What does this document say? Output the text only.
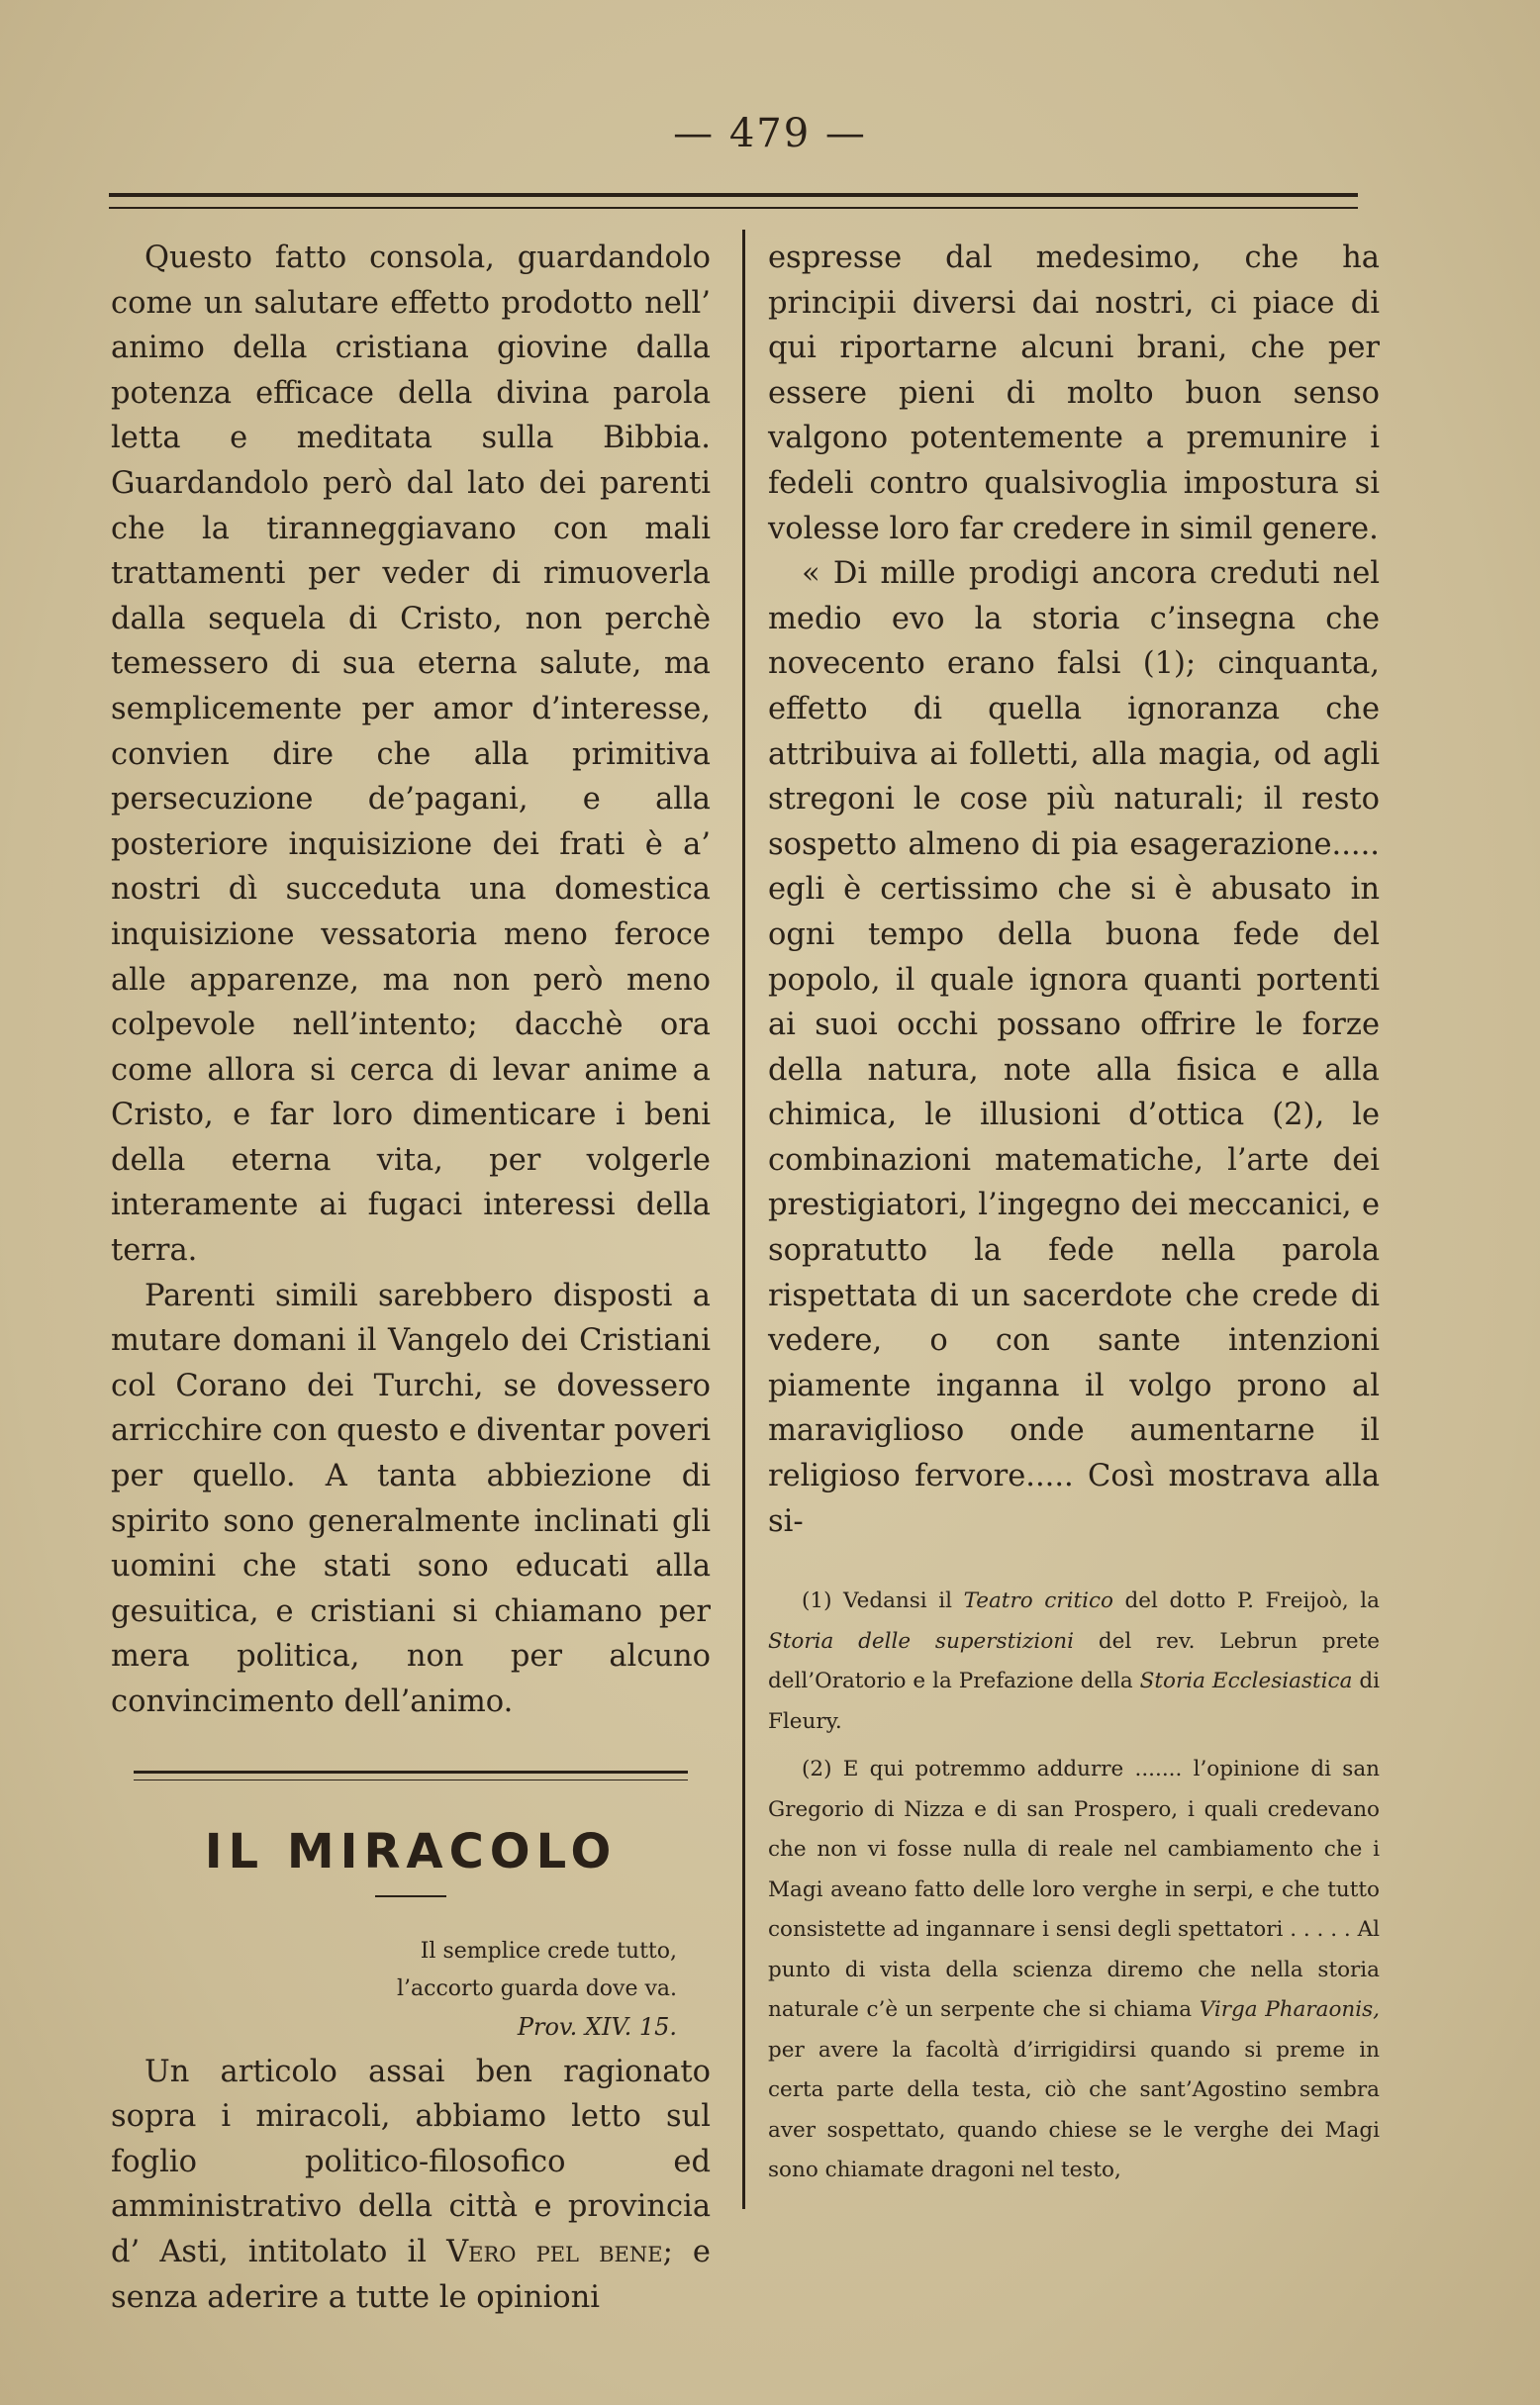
— 479 —

Questo fatto consola, guardandolo come un salutare effetto prodotto nell’ animo della cristiana giovine dalla potenza efficace della divina parola letta e meditata sulla Bibbia. Guardandolo però dal lato dei parenti che la tiranneggiavano con mali trattamenti per veder di rimuoverla dalla sequela di Cristo, non perchè temessero di sua eterna salute, ma semplicemente per amor d’interesse, convien dire che alla primitiva persecuzione de’pagani, e alla posteriore inquisizione dei frati è a’ nostri dì succeduta una domestica inquisizione vessatoria meno feroce alle apparenze, ma non però meno colpevole nell’intento; dacchè ora come allora si cerca di levar anime a Cristo, e far loro dimenticare i beni della eterna vita, per volgerle interamente ai fugaci interessi della terra.

Parenti simili sarebbero disposti a mutare domani il Vangelo dei Cristiani col Corano dei Turchi, se dovessero arricchire con questo e diventar poveri per quello. A tanta abbiezione di spirito sono generalmente inclinati gli uomini che stati sono educati alla gesuitica, e cristiani si chiamano per mera politica, non per alcuno convincimento dell’animo.

IL MIRACOLO
Il semplice crede tutto,
l’accorto guarda dove va.
Prov. XIV. 15.

Un articolo assai ben ragionato sopra i miracoli, abbiamo letto sul foglio politico-filosofico ed amministrativo della città e provincia d’ Asti, intitolato il Vero pel bene; e senza aderire a tutte le opinioni

espresse dal medesimo, che ha principii diversi dai nostri, ci piace di qui riportarne alcuni brani, che per essere pieni di molto buon senso valgono potentemente a premunire i fedeli contro qualsivoglia impostura si volesse loro far credere in simil genere.

« Di mille prodigi ancora creduti nel medio evo la storia c’insegna che novecento erano falsi (1); cinquanta, effetto di quella ignoranza che attribuiva ai folletti, alla magia, od agli stregoni le cose più naturali; il resto sospetto almeno di pia esagerazione..... egli è certissimo che si è abusato in ogni tempo della buona fede del popolo, il quale ignora quanti portenti ai suoi occhi possano offrire le forze della natura, note alla fisica e alla chimica, le illusioni d’ottica (2), le combinazioni matematiche, l’arte dei prestigiatori, l’ingegno dei meccanici, e sopratutto la fede nella parola rispettata di un sacerdote che crede di vedere, o con sante intenzioni piamente inganna il volgo prono al maraviglioso onde aumentarne il religioso fervore..... Così mostrava alla si-

(1) Vedansi il Teatro critico del dotto P. Freijoò, la Storia delle superstizioni del rev. Lebrun prete dell’Oratorio e la Prefazione della Storia Ecclesiastica di Fleury.

(2) E qui potremmo addurre ....... l’opinione di san Gregorio di Nizza e di san Prospero, i quali credevano che non vi fosse nulla di reale nel cambiamento che i Magi aveano fatto delle loro verghe in serpi, e che tutto consistette ad ingannare i sensi degli spettatori . . . . . Al punto di vista della scienza diremo che nella storia naturale c’è un serpente che si chiama Virga Pharaonis, per avere la facoltà d’irrigidirsi quando si preme in certa parte della testa, ciò che sant’Agostino sembra aver sospettato, quando chiese se le verghe dei Magi sono chiamate dragoni nel testo,
